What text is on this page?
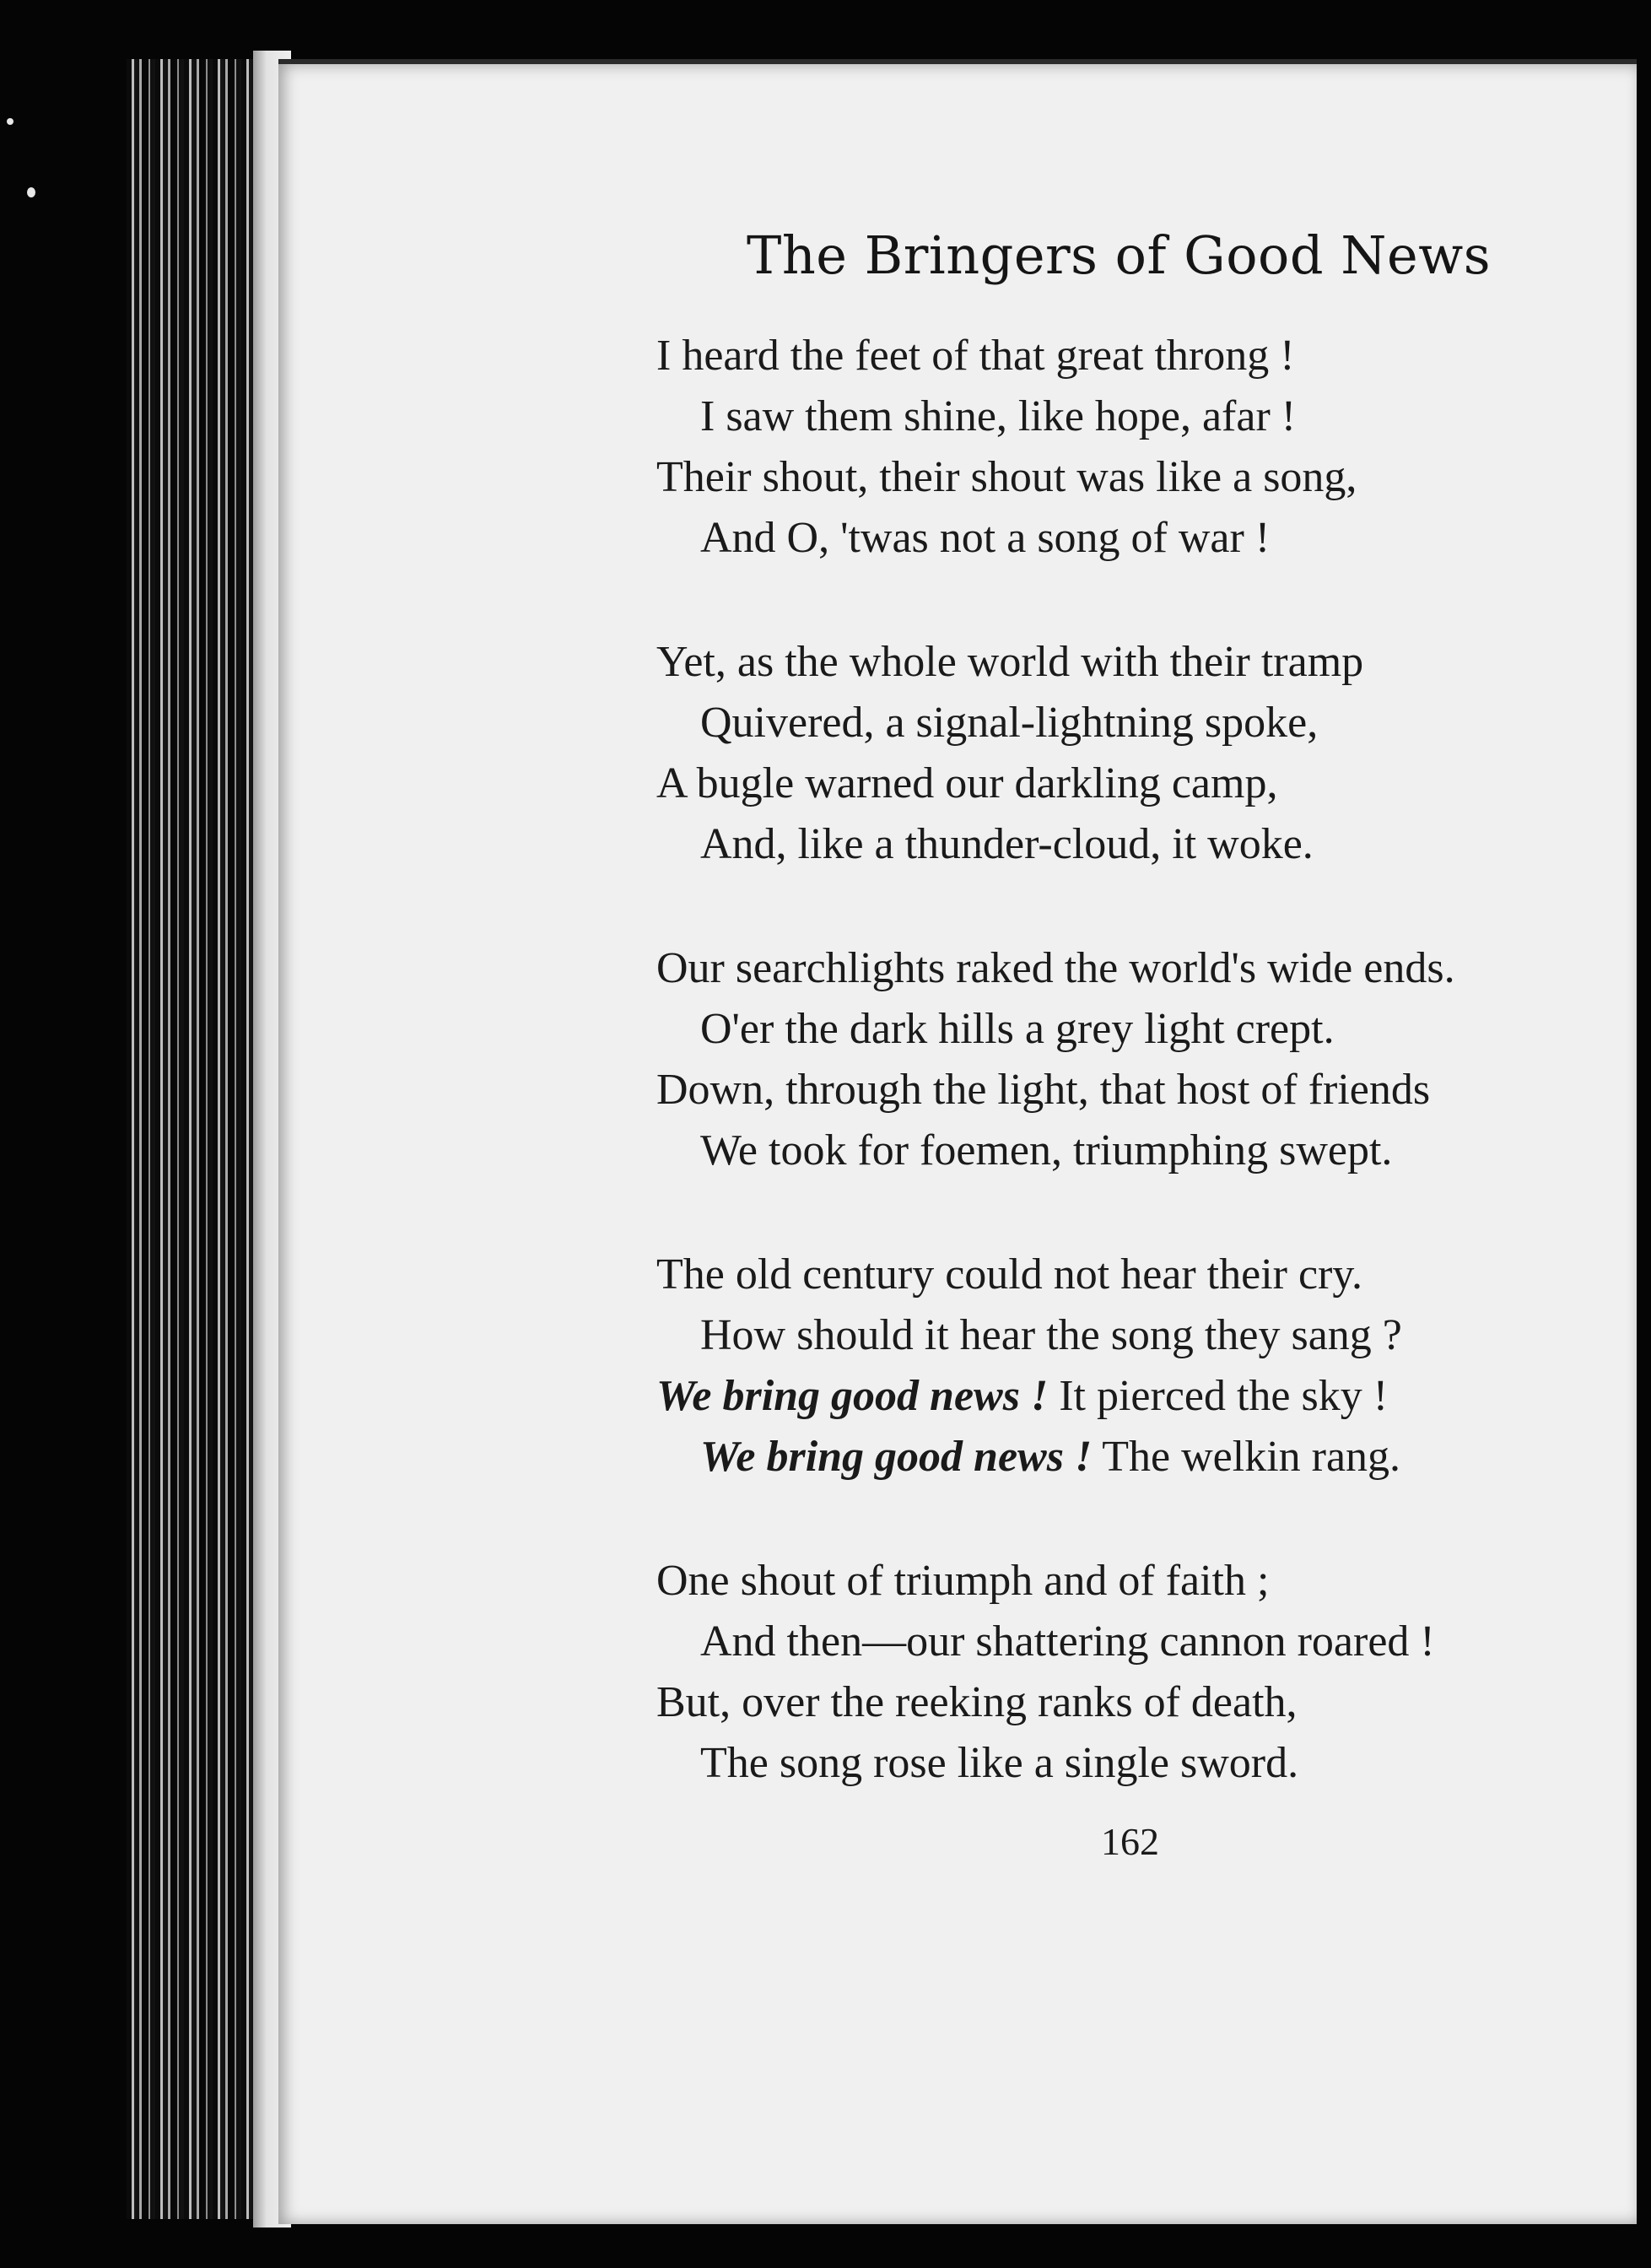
The Bringers of Good News
I heard the feet of that great throng !
I saw them shine, like hope, afar !
Their shout, their shout was like a song,
And O, 'twas not a song of war !
Yet, as the whole world with their tramp
Quivered, a signal-lightning spoke,
A bugle warned our darkling camp,
And, like a thunder-cloud, it woke.
Our searchlights raked the world's wide ends.
O'er the dark hills a grey light crept.
Down, through the light, that host of friends
We took for foemen, triumphing swept.
The old century could not hear their cry.
How should it hear the song they sang ?
We bring good news ! It pierced the sky !
We bring good news ! The welkin rang.
One shout of triumph and of faith ;
And then—our shattering cannon roared !
But, over the reeking ranks of death,
The song rose like a single sword.
162
